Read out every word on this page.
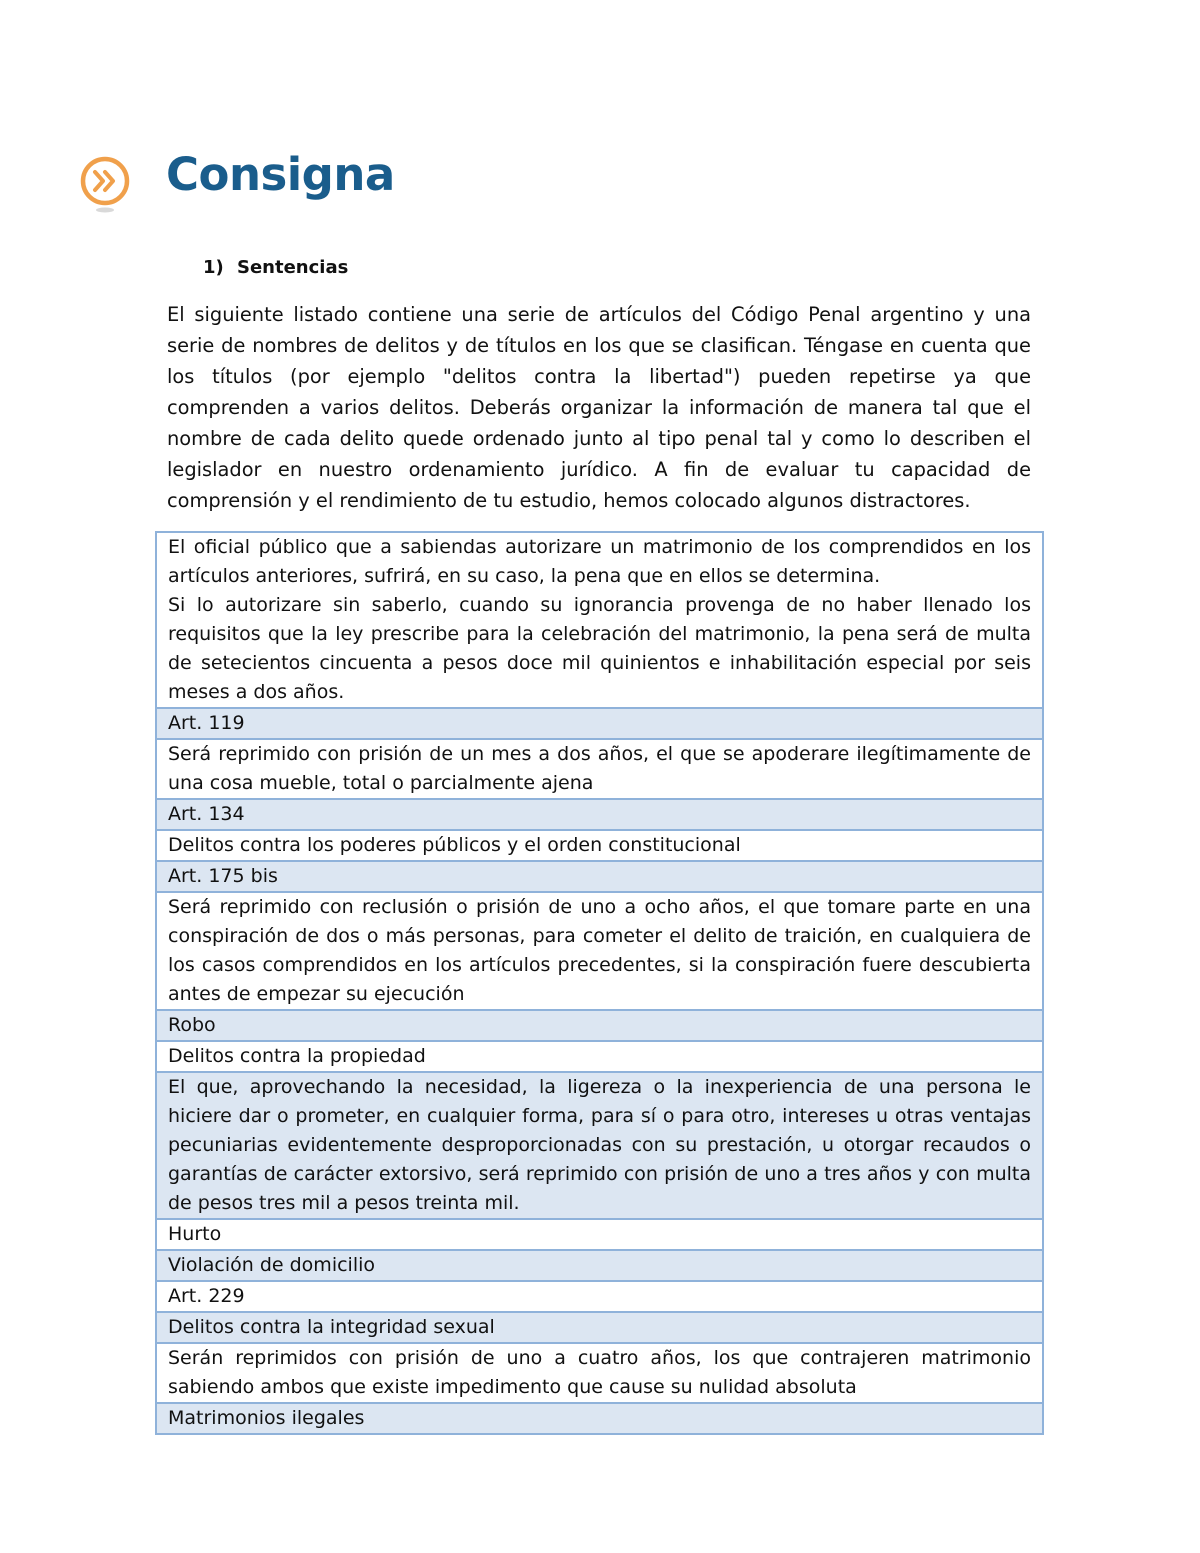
Consigna
1) Sentencias

El siguiente listado contiene una serie de artículos del Código Penal argentino y una serie de nombres de delitos y de títulos en los que se clasifican. Téngase en cuenta que los títulos (por ejemplo "delitos contra la libertad") pueden repetirse ya que comprenden a varios delitos. Deberás organizar la información de manera tal que el nombre de cada delito quede ordenado junto al tipo penal tal y como lo describen el legislador en nuestro ordenamiento jurídico. A fin de evaluar tu capacidad de comprensión y el rendimiento de tu estudio, hemos colocado algunos distractores.

El oficial público que a sabiendas autorizare un matrimonio de los comprendidos en los artículos anteriores, sufrirá, en su caso, la pena que en ellos se determina.
Si lo autorizare sin saberlo, cuando su ignorancia provenga de no haber llenado los requisitos que la ley prescribe para la celebración del matrimonio, la pena será de multa de setecientos cincuenta a pesos doce mil quinientos e inhabilitación especial por seis meses a dos años.

Art. 119
Será reprimido con prisión de un mes a dos años, el que se apoderare ilegítimamente de una cosa mueble, total o parcialmente ajena
Art. 134
Delitos contra los poderes públicos y el orden constitucional
Art. 175 bis
Será reprimido con reclusión o prisión de uno a ocho años, el que tomare parte en una conspiración de dos o más personas, para cometer el delito de traición, en cualquiera de los casos comprendidos en los artículos precedentes, si la conspiración fuere descubierta antes de empezar su ejecución
Robo
Delitos contra la propiedad
El que, aprovechando la necesidad, la ligereza o la inexperiencia de una persona le hiciere dar o prometer, en cualquier forma, para sí o para otro, intereses u otras ventajas pecuniarias evidentemente desproporcionadas con su prestación, u otorgar recaudos o garantías de carácter extorsivo, será reprimido con prisión de uno a tres años y con multa de pesos tres mil a pesos treinta mil.
Hurto
Violación de domicilio
Art. 229
Delitos contra la integridad sexual
Serán reprimidos con prisión de uno a cuatro años, los que contrajeren matrimonio sabiendo ambos que existe impedimento que cause su nulidad absoluta
Matrimonios ilegales
